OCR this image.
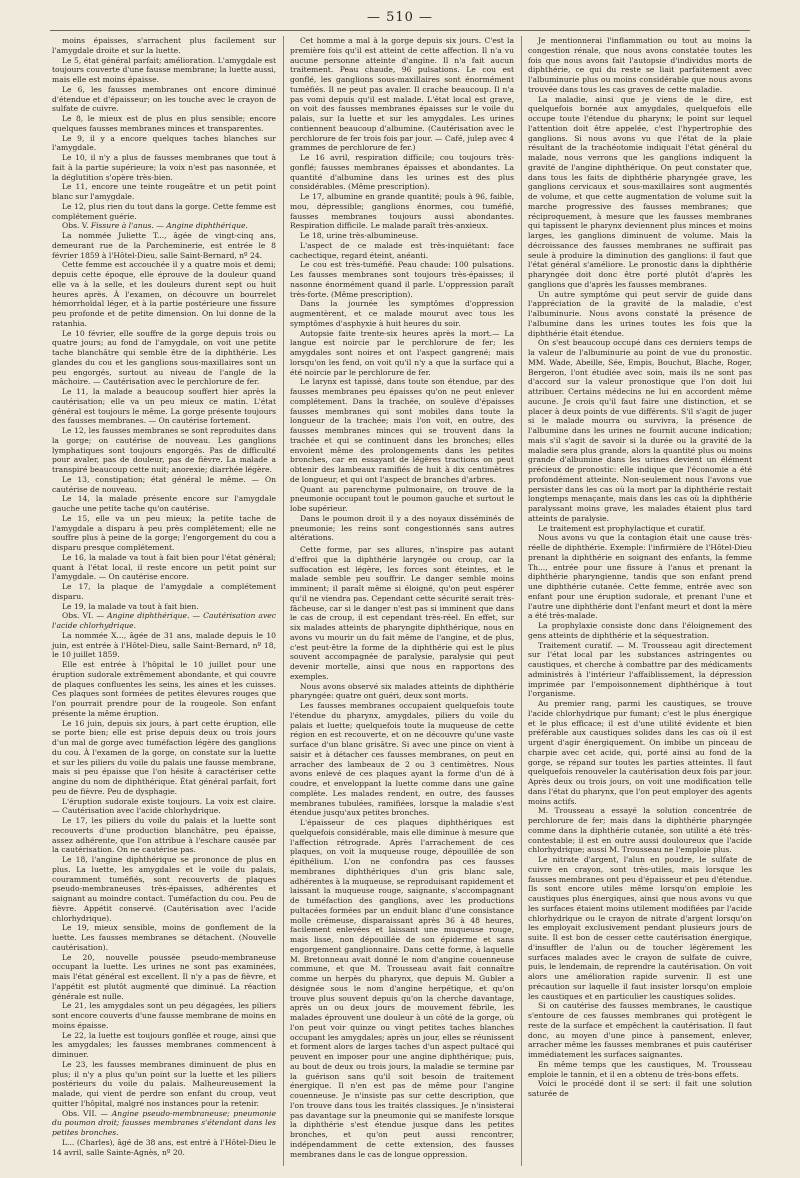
— 510 —

moins épaisses, s'arrachent plus facilement sur l'amygdale droite et sur la luette.

Le 5, état général parfait; amélioration. L'amygdale est toujours couverte d'une fausse membrane; la luette aussi, mais elle est moins épaisse.

Le 6, les fausses membranes ont encore diminué d'étendue et d'épaisseur; on les touche avec le crayon de sulfate de cuivre.

Le 8, le mieux est de plus en plus sensible; encore quelques fausses membranes minces et transparentes.

Le 9, il y a encore quelques taches blanches sur l'amygdale.

Le 10, il n'y a plus de fausses membranes que tout à fait à la partie supérieure; la voix n'est pas nasonnée, et la déglutition s'opère très-bien.

Le 11, encore une teinte rougeâtre et un petit point blanc sur l'amygdale.

Le 12, plus rien du tout dans la gorge. Cette femme est complétement guérie.

Obs. V. Fissure à l'anus. — Angine diphthérique.

La nommée Juliette T..., âgée de vingt-cinq ans, demeurant rue de la Parcheminerie, est entrée le 8 février 1859 à l'Hôtel-Dieu, salle Saint-Bernard, nº 24.

Cette femme est accouchée il y a quatre mois et demi; depuis cette époque, elle éprouve de la douleur quand elle va à la selle, et les douleurs durent sept ou huit heures après. À l'examen, on découvre un bourrelet hémorrhoïdal léger, et à la partie postérieure une fissure peu profonde et de petite dimension. On lui donne de la ratanhia.

Le 10 février, elle souffre de la gorge depuis trois ou quatre jours; au fond de l'amygdale, on voit une petite tache blanchâtre qui semble être de la diphthérie. Les glandes du cou et les ganglions sous-maxillaires sont un peu engorgés, surtout au niveau de l'angle de la mâchoire. — Cautérisation avec le perchlorure de fer.

Le 11, la malade a beaucoup souffert hier après la cautérisation; elle va un peu mieux ce matin. L'état général est toujours le même. La gorge présente toujours des fausses membranes. — On cautérise fortement.

Le 12, les fausses membranes se sont reproduites dans la gorge; on cautérise de nouveau. Les ganglions lymphatiques sont toujours engorgés. Pas de difficulté pour avaler, pas de douleur, pas de fièvre. La malade a transpiré beaucoup cette nuit; anorexie; diarrhée légère.

Le 13, constipation; état général le même. — On cautérise de nouveau.

Le 14, la malade présente encore sur l'amygdale gauche une petite tache qu'on cautérise.

Le 15, elle va un peu mieux; la petite tache de l'amygdale a disparu à peu près complétement; elle ne souffre plus à peine de la gorge; l'engorgement du cou a disparu presque complétement.

Le 16, la malade va tout à fait bien pour l'état général; quant à l'état local, il reste encore un petit point sur l'amygdale. — On cautérise encore.

Le 17, la plaque de l'amygdale a complétement disparu.

Le 19, la malade va tout à fait bien.

Obs. VI. — Angine diphthérique. — Cautérisation avec l'acide chlorhydrique.

La nommée X..., âgée de 31 ans, malade depuis le 10 juin, est entrée à l'Hôtel-Dieu, salle Saint-Bernard, nº 18, le 10 juillet 1859.

Elle est entrée à l'hôpital le 10 juillet pour une éruption sudorale extrêmement abondante, et qui couvre de plaques confluentes les seins, les aines et les cuisses. Ces plaques sont formées de petites élevures rouges que l'on pourrait prendre pour de la rougeole. Son enfant présente la même éruption.

Le 16 juin, depuis six jours, à part cette éruption, elle se porte bien; elle est prise depuis deux ou trois jours d'un mal de gorge avec tuméfaction légère des ganglions du cou. À l'examen de la gorge, on constate sur la luette et sur les piliers du voile du palais une fausse membrane, mais si peu épaisse que l'on hésite à caractériser cette angine du nom de diphthérique. État général parfait, fort peu de fièvre. Peu de dysphagie.

L'éruption sudorale existe toujours. La voix est claire. — Cautérisation avec l'acide chlorhydrique.

Le 17, les piliers du voile du palais et la luette sont recouverts d'une production blanchâtre, peu épaisse, assez adhérente, que l'on attribue à l'eschare causée par la cautérisation. On ne cautérise pas.

Le 18, l'angine diphthérique se prononce de plus en plus. La luette, les amygdales et le voile du palais, couramment tuméfiés, sont recouverts de plaques pseudo-membraneuses très-épaisses, adhérentes et saignant au moindre contact. Tuméfaction du cou. Peu de fièvre. Appétit conservé. (Cautérisation avec l'acide chlorhydrique).

Le 19, mieux sensible, moins de gonflement de la luette. Les fausses membranes se détachent. (Nouvelle cautérisation).

Le 20, nouvelle poussée pseudo-membraneuse occupant la luette. Les urines ne sont pas examinées, mais l'état général est excellent. Il n'y a pas de fièvre, et l'appétit est plutôt augmenté que diminué. La réaction générale est nulle.

Le 21, les amygdales sont un peu dégagées, les piliers sont encore couverts d'une fausse membrane de moins en moins épaisse.

Le 22, la luette est toujours gonflée et rouge, ainsi que les amygdales; les fausses membranes commencent à diminuer.

Le 23, les fausses membranes diminuent de plus en plus; il n'y a plus qu'un point sur la luette et les piliers postérieurs du voile du palais. Malheureusement la malade, qui vient de perdre son enfant du croup, veut quitter l'hôpital, malgré nos instances pour la retenir.

Obs. VII. — Angine pseudo-membraneuse; pneumonie du poumon droit; fausses membranes s'étendant dans les petites bronches.

L... (Charles), âgé de 38 ans, est entré à l'Hôtel-Dieu le 14 avril, salle Sainte-Agnès, nº 20.

Cet homme a mal à la gorge depuis six jours. C'est la première fois qu'il est atteint de cette affection. Il n'a vu aucune personne atteinte d'angine. Il n'a fait aucun traitement. Peau chaude, 96 pulsations. Le cou est gonflé, les ganglions sous-maxillaires sont énormément tuméfiés. Il ne peut pas avaler. Il crache beaucoup. Il n'a pas vomi depuis qu'il est malade. L'état local est grave, on voit des fausses membranes épaisses sur le voile du palais, sur la luette et sur les amygdales. Les urines contiennent beaucoup d'albumine. (Cautérisation avec le perchlorure de fer trois fois par jour. — Café, julep avec 4 grammes de perchlorure de fer.)

Le 16 avril, respiration difficile; cou toujours très-gonflé; fausses membranes épaisses et abondantes. La quantité d'albumine dans les urines est des plus considérables. (Même prescription).

Le 17, albumine en grande quantité; pouls à 96, faible, mou, dépressible; ganglions énormes, cou tuméfié, fausses membranes toujours aussi abondantes. Respiration difficile. Le malade paraît très-anxieux.

Le 18, urine très-albumineuse.

L'aspect de ce malade est très-inquiétant: face cachectique, regard éteint, anéanti.

Le cou est très-tuméfié. Peau chaude: 100 pulsations. Les fausses membranes sont toujours très-épaisses; il nasonne énormément quand il parle. L'oppression paraît très-forte. (Même prescription).

Dans la journée les symptômes d'oppression augmentèrent, et ce malade mourut avec tous les symptômes d'asphyxie à huit heures du soir.

Autopsie faite trente-six heures après la mort.— La langue est noircie par le perchlorure de fer; les amygdales sont noires et ont l'aspect gangrené; mais lorsqu'on les fend, on voit qu'il n'y a que la surface qui a été noircie par le perchlorure de fer.

Le larynx est tapissé, dans toute son étendue, par des fausses membranes peu épaisses qu'on ne peut enlever complétement. Dans la trachée, on soulève d'épaisses fausses membranes qui sont mobiles dans toute la longueur de la trachée; mais l'on voit, en outre, des fausses membranes minces qui se trouvent dans la trachée et qui se continuent dans les bronches; elles envoient même des prolongements dans les petites bronches, car en essayant de légères tractions on peut obtenir des lambeaux ramifiés de huit à dix centimètres de longueur, et qui ont l'aspect de branches d'arbres.

Quant au parenchyme pulmonaire, on trouve de la pneumonie occupant tout le poumon gauche et surtout le lobe supérieur.

Dans le poumon droit il y a des noyaux disséminés de pneumonie; les reins sont congestionnés sans autres altérations.

Cette forme, par ses allures, n'inspire pas autant d'effroi que la diphthérie laryngée ou croup, car la suffocation est légère, les forces sont éteintes, et le malade semble peu souffrir. Le danger semble moins imminent; il paraît même si éloigné, qu'on peut espérer qu'il ne viendra pas. Cependant cette sécurité serait très-fâcheuse, car si le danger n'est pas si imminent que dans le cas de croup, il est cependant très-réel. En effet, sur six malades atteints de pharyngite diphthérique, nous en avons vu mourir un du fait même de l'angine, et de plus, c'est peut-être la forme de la diphthérie qui est le plus souvent accompagnée de paralysie, paralysie qui peut devenir mortelle, ainsi que nous en rapportons des exemples.

Nous avons observé six malades atteints de diphthérie pharyngée: quatre ont guéri, deux sont morts.

Les fausses membranes occupaient quelquefois toute l'étendue du pharynx, amygdales, piliers du voile du palais et luette; quelquefois toute la muqueuse de cette région en est recouverte, et on ne découvre qu'une vaste surface d'un blanc grisâtre. Si avec une pince on vient à saisir et à détacher ces fausses membranes, on peut en arracher des lambeaux de 2 ou 3 centimètres. Nous avons enlevé de ces plaques ayant la forme d'un dé à coudre, et enveloppant la luette comme dans une gaîne complète. Les malades rendent, en outre, des fausses membranes tubulées, ramifiées, lorsque la maladie s'est étendue jusqu'aux petites bronches.

L'épaisseur de ces plaques diphthériques est quelquefois considérable, mais elle diminue à mesure que l'affection rétrograde. Après l'arrachement de ces plaques, on voit la muqueuse rouge, dépouillée de son épithélium. L'on ne confondra pas ces fausses membranes diphthériques d'un gris blanc sale, adhérentes à la muqueuse, se reproduisant rapidement et laissant la muqueuse rouge, saignante, s'accompagnant de tuméfaction des ganglions, avec les productions pultacées formées par un enduit blanc d'une consistance molle crémeuse, disparaissant après 36 à 48 heures, facilement enlevées et laissant une muqueuse rouge, mais lisse, non dépouillée de son épiderme et sans engorgement ganglionnaire. Dans cette forme, à laquelle M. Bretonneau avait donné le nom d'angine couenneuse commune, et que M. Trousseau avait fait connaître comme un herpès du pharynx, que depuis M. Gubler a désignée sous le nom d'angine herpétique, et qu'on trouve plus souvent depuis qu'on la cherche davantage, après un ou deux jours de mouvement fébrile, les malades éprouvent une douleur à un côté de la gorge, où l'on peut voir quinze ou vingt petites taches blanches occupant les amygdales; après un jour, elles se réunissent et forment alors de larges taches d'un aspect pultacé qui peuvent en imposer pour une angine diphthérique; puis, au bout de deux ou trois jours, la maladie se termine par la guérison sans qu'il soit besoin de traitement énergique. Il n'en est pas de même pour l'angine couenneuse. Je n'insiste pas sur cette description, que l'on trouve dans tous les traités classiques. Je n'insisterai pas davantage sur la pneumonie qui se manifeste lorsque la diphthérie s'est étendue jusque dans les petites bronches, et qu'on peut aussi rencontrer, indépendamment de cette extension, des fausses membranes dans le cas de longue oppression.

Je mentionnerai l'inflammation ou tout au moins la congestion rénale, que nous avons constatée toutes les fois que nous avons fait l'autopsie d'individus morts de diphthérie, ce qui du reste se liait parfaitement avec l'albuminurie plus ou moins considérable que nous avons trouvée dans tous les cas graves de cette maladie.

La maladie, ainsi que je viens de le dire, est quelquefois bornée aux amygdales, quelquefois elle occupe toute l'étendue du pharynx; le point sur lequel l'attention doit être appelée, c'est l'hypertrophie des ganglions. Si nous avons vu que l'état de la plaie résultant de la trachéotomie indiquait l'état général du malade, nous verrons que les ganglions indiquent la gravité de l'angine diphthérique. On peut constater que, dans tous les faits de diphthérie pharyngée grave, les ganglions cervicaux et sous-maxillaires sont augmentés de volume, et que cette augmentation de volume suit la marche progressive des fausses membranes; que réciproquement, à mesure que les fausses membranes qui tapissent le pharynx deviennent plus minces et moins larges, les ganglions diminuent de volume. Mais la décroissance des fausses membranes ne suffirait pas seule à produire la diminution des ganglions: il faut que l'état général s'améliore. Le pronostic dans la diphthérie pharyngée doit donc être porté plutôt d'après les ganglions que d'après les fausses membranes.

Un autre symptôme qui peut servir de guide dans l'appréciation de la gravité de la maladie, c'est l'albuminurie. Nous avons constaté la présence de l'albumine dans les urines toutes les fois que la diphthérie était étendue.

On s'est beaucoup occupé dans ces derniers temps de la valeur de l'albuminurie au point de vue du pronostic. MM. Wade, Abeille, Sée, Empis, Bouchut, Blache, Roger, Bergeron, l'ont étudiée avec soin, mais ils ne sont pas d'accord sur la valeur pronostique que l'on doit lui attribuer. Certains médecins ne lui en accordent même aucune. Je crois qu'il faut faire une distinction, et se placer à deux points de vue différents. S'il s'agit de juger si le malade mourra ou survivra, la présence de l'albumine dans les urines ne fournit aucune indication; mais s'il s'agit de savoir si la durée ou la gravité de la maladie sera plus grande, alors la quantité plus ou moins grande d'albumine dans les urines devient un élément précieux de pronostic: elle indique que l'économie a été profondément atteinte. Non-seulement nous l'avons vue persister dans les cas où la mort par la diphthérie restait longtemps menaçante, mais dans les cas où la diphthérie paralyssant moins grave, les malades étaient plus tard atteints de paralysie.

Le traitement est prophylactique et curatif.

Nous avons vu que la contagion était une cause très-réelle de diphthérie. Exemple: l'infirmière de l'Hôtel-Dieu prenant la diphthérie en soignant des enfants, la femme Th..., entrée pour une fissure à l'anus et prenant la diphthérie pharyngienne, tandis que son enfant prend une diphthérie cutanée. Cette femme, entrée avec son enfant pour une éruption sudorale, et prenant l'une et l'autre une diphthérie dont l'enfant meurt et dont la mère a été très-malade.

La prophylaxie consiste donc dans l'éloignement des gens atteints de diphthérie et la séquestration.

Traitement curatif. — M. Trousseau agit directement sur l'état local par les substances astringentes ou caustiques, et cherche à combattre par des médicaments administrés à l'intérieur l'affaiblissement, la dépression imprimée par l'empoisonnement diphthérique à tout l'organisme.

Au premier rang, parmi les caustiques, se trouve l'acide chlorhydrique pur fumant; c'est le plus énergique et le plus efficace; il est d'une utilité évidente et bien préférable aux caustiques solides dans les cas où il est urgent d'agir énergiquement. On imbibe un pinceau de charpie avec cet acide, qui, porté ainsi au fond de la gorge, se répand sur toutes les parties atteintes. Il faut quelquefois renouveler la cautérisation deux fois par jour. Après deux ou trois jours, on voit une modification telle dans l'état du pharynx, que l'on peut employer des agents moins actifs.

M. Trousseau a essayé la solution concentrée de perchlorure de fer; mais dans la diphthérie pharyngée comme dans la diphthérie cutanée, son utilité a été très-contestable; il est en outre aussi douloureux que l'acide chlorhydrique; aussi M. Trousseau ne l'emploie plus.

Le nitrate d'argent, l'alun en poudre, le sulfate de cuivre en crayon, sont très-utiles, mais lorsque les fausses membranes ont peu d'épaisseur et peu d'étendue. Ils sont encore utiles même lorsqu'on emploie les caustiques plus énergiques, ainsi que nous avons vu que les surfaces étaient moins utilement modifiées par l'acide chlorhydrique ou le crayon de nitrate d'argent lorsqu'on les employait exclusivement pendant plusieurs jours de suite. Il est bon de cesser cette cautérisation énergique, d'insuffler de l'alun ou de toucher légèrement les surfaces malades avec le crayon de sulfate de cuivre, puis, le lendemain, de reprendre la cautérisation. On voit alors une amélioration rapide survenir. Il est une précaution sur laquelle il faut insister lorsqu'on emploie les caustiques et en particulier les caustiques solides.

Si on cautérise des fausses membranes, le caustique s'entoure de ces fausses membranes qui protègent le reste de la surface et empêchent la cautérisation. Il faut donc, au moyen d'une pince à pansement, enlever, arracher même les fausses membranes et puis cautériser immédiatement les surfaces saignantes.

En même temps que les caustiques, M. Trousseau emploie le tannin, et il en a obtenu de très-bons effets.

Voici le procédé dont il se sert: il fait une solution saturée de
